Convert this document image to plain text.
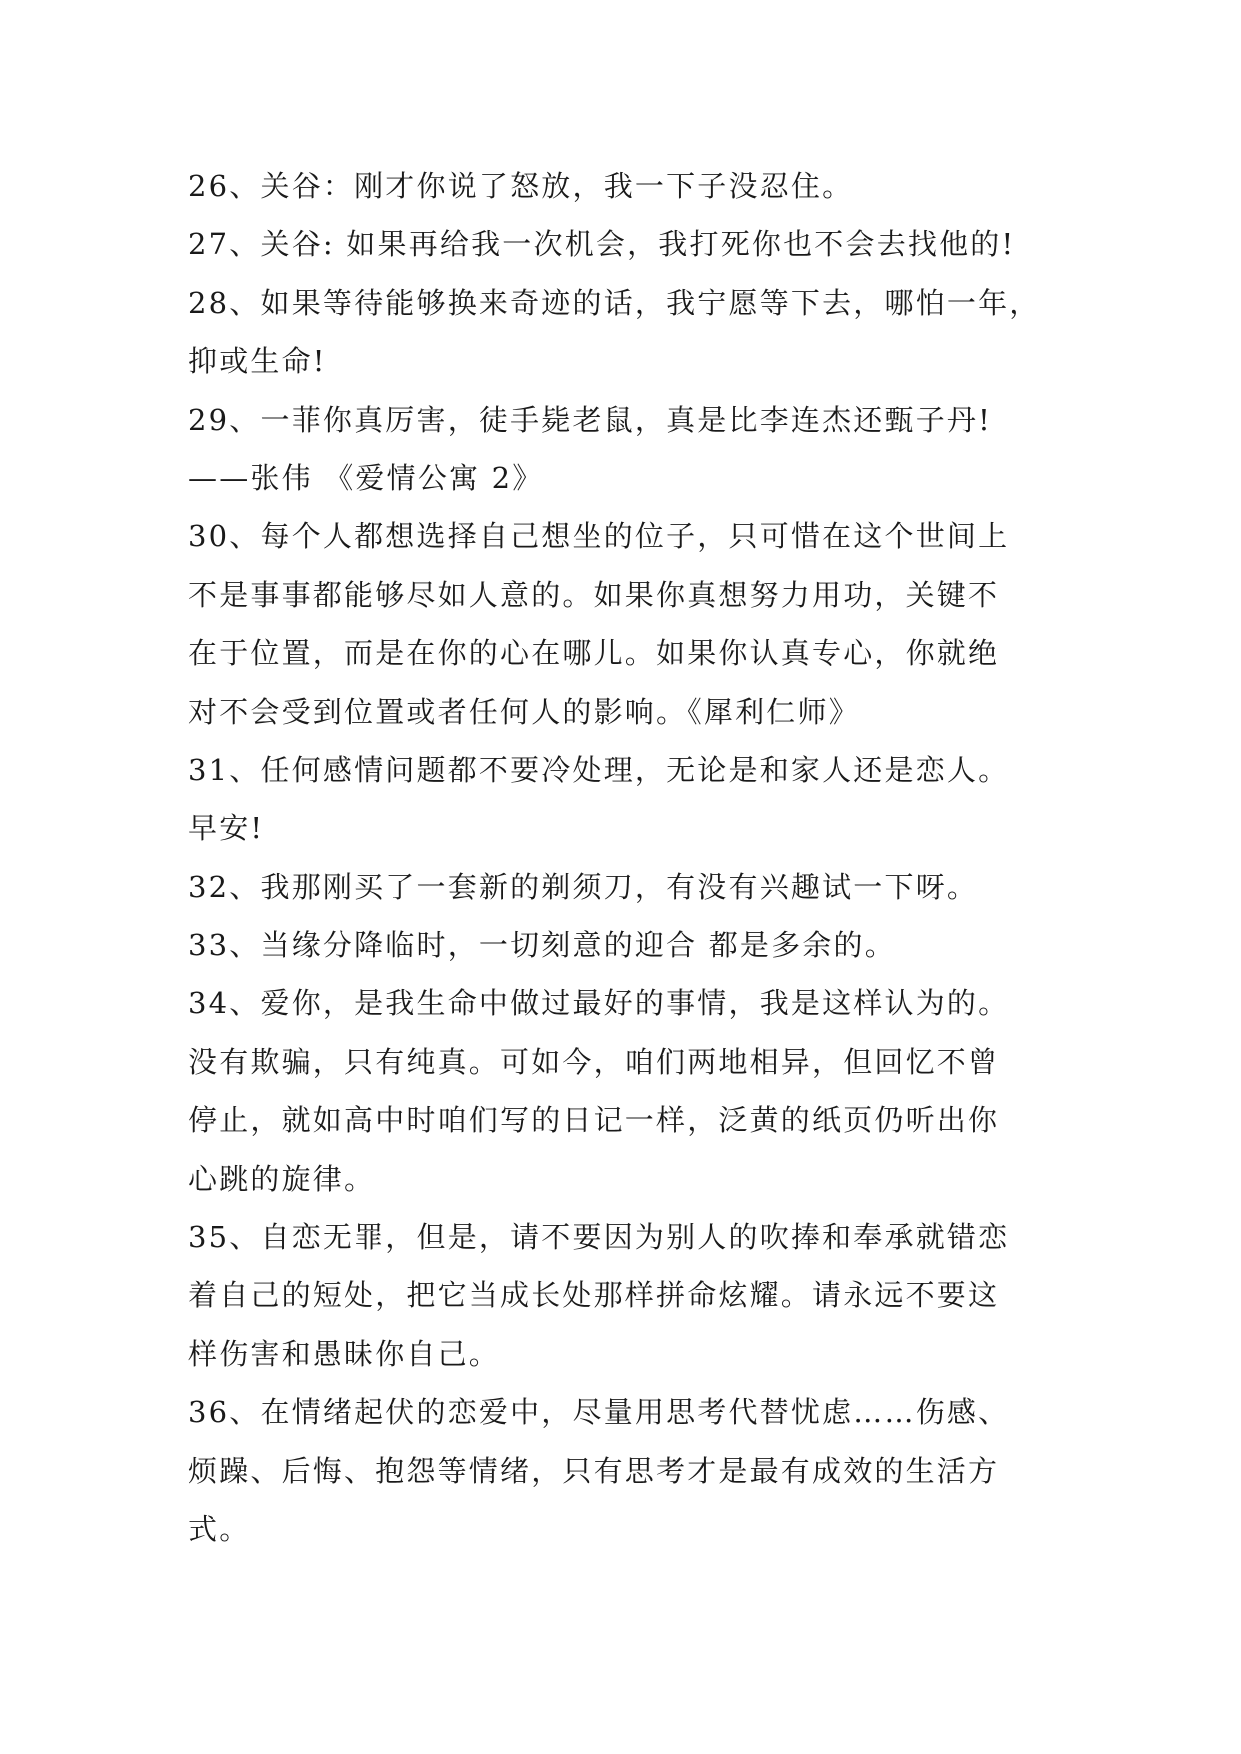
26、关谷：刚才你说了怒放，我一下子没忍住。
27、关谷: 如果再给我一次机会，我打死你也不会去找他的!
28、如果等待能够换来奇迹的话，我宁愿等下去，哪怕一年，
抑或生命!
29、一菲你真厉害，徒手毙老鼠，真是比李连杰还甄子丹!
——张伟 《爱情公寓 2》
30、每个人都想选择自己想坐的位子，只可惜在这个世间上
不是事事都能够尽如人意的。如果你真想努力用功，关键不
在于位置，而是在你的心在哪儿。如果你认真专心，你就绝
对不会受到位置或者任何人的影响。《犀利仁师》
31、任何感情问题都不要冷处理，无论是和家人还是恋人。
早安!
32、我那刚买了一套新的剃须刀，有没有兴趣试一下呀。
33、当缘分降临时，一切刻意的迎合 都是多余的。
34、爱你，是我生命中做过最好的事情，我是这样认为的。
没有欺骗，只有纯真。可如今，咱们两地相异，但回忆不曾
停止，就如高中时咱们写的日记一样，泛黄的纸页仍听出你
心跳的旋律。
35、自恋无罪，但是，请不要因为别人的吹捧和奉承就错恋
着自己的短处，把它当成长处那样拼命炫耀。请永远不要这
样伤害和愚昧你自己。
36、在情绪起伏的恋爱中，尽量用思考代替忧虑……伤感、
烦躁、后悔、抱怨等情绪，只有思考才是最有成效的生活方
式。
